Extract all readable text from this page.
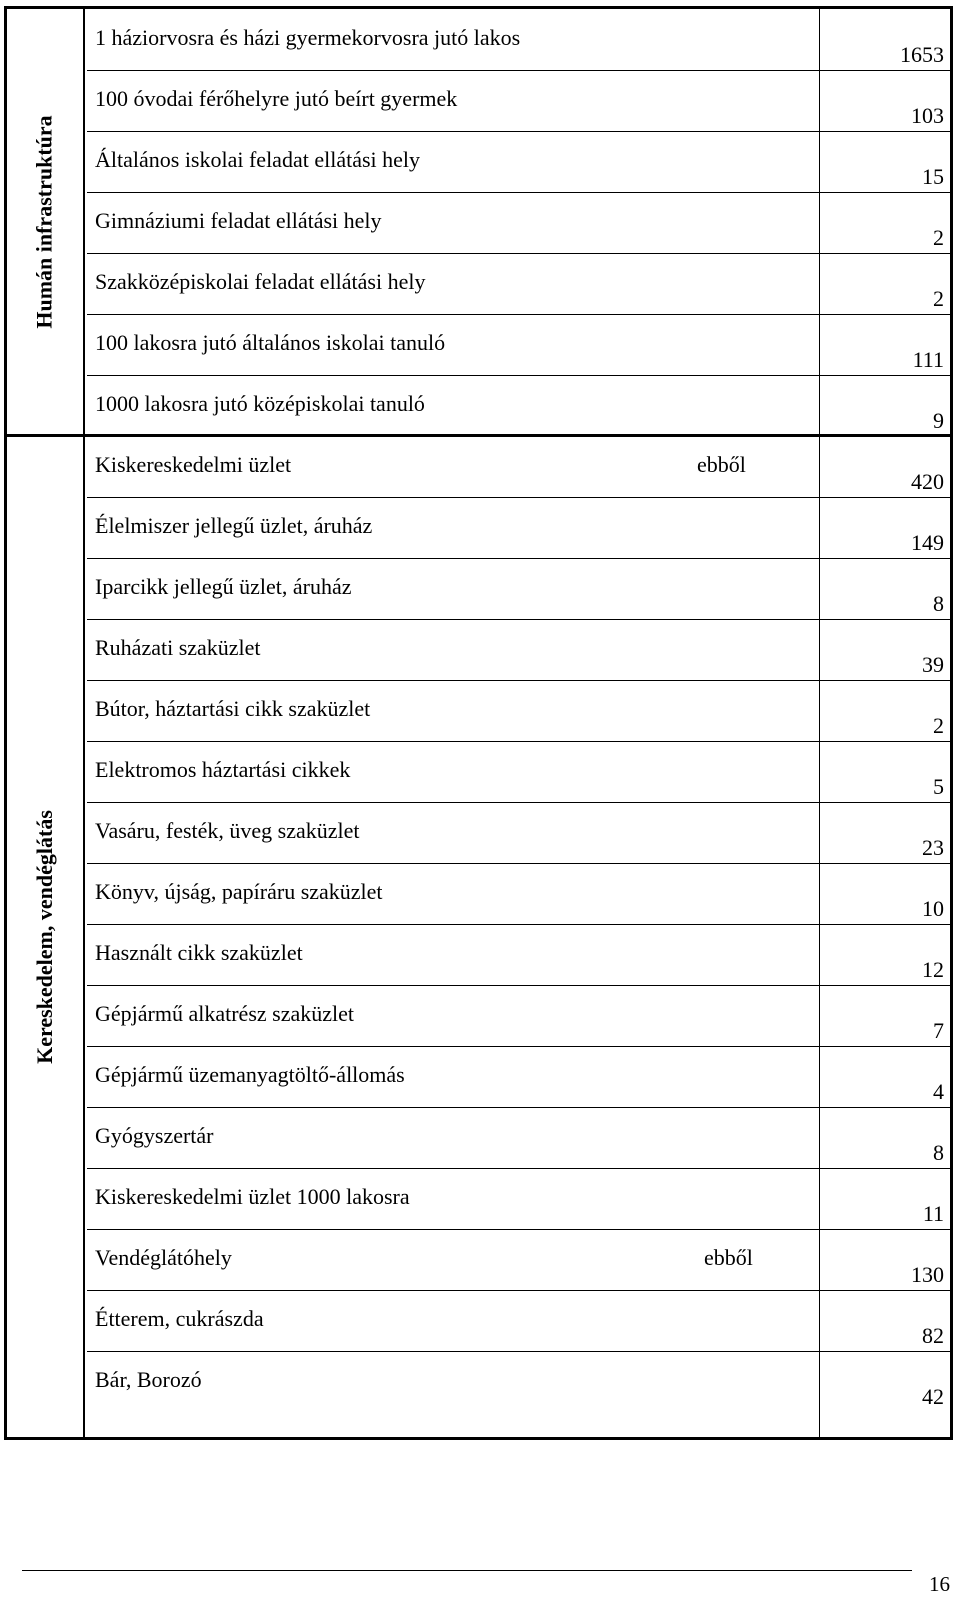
Humán infrastruktúra
Kereskedelem, vendéglátás
1 háziorvosra és házi gyermekorvosra jutó lakos
1653
100 óvodai férőhelyre jutó beírt gyermek
103
Általános iskolai feladat ellátási hely
15
Gimnáziumi feladat ellátási hely
2
Szakközépiskolai feladat ellátási hely
2
100 lakosra jutó általános iskolai tanuló
111
1000 lakosra jutó középiskolai tanuló
9
Kiskereskedelmi üzlet
420
ebből
Élelmiszer jellegű üzlet, áruház
149
Iparcikk jellegű üzlet, áruház
8
Ruházati szaküzlet
39
Bútor, háztartási cikk szaküzlet
2
Elektromos háztartási cikkek
5
Vasáru, festék, üveg szaküzlet
23
Könyv, újság, papíráru szaküzlet
10
Használt cikk szaküzlet
12
Gépjármű alkatrész szaküzlet
7
Gépjármű üzemanyagtöltő-állomás
4
Gyógyszertár
8
Kiskereskedelmi üzlet 1000 lakosra
11
Vendéglátóhely
130
ebből
Étterem, cukrászda
82
Bár, Borozó
42
16
